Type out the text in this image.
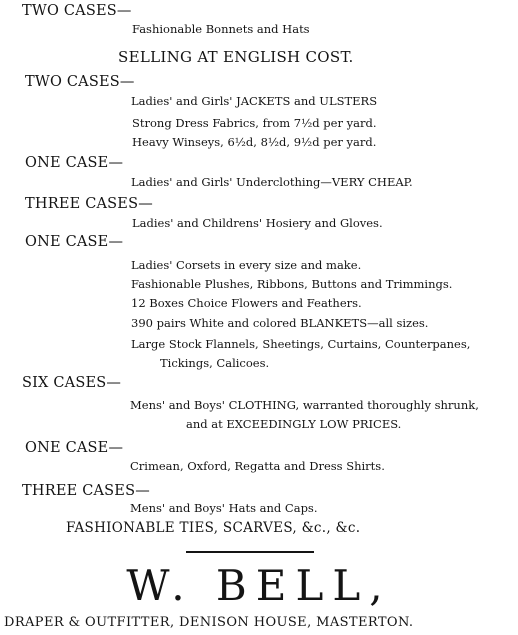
TWO CASES—
Fashionable Bonnets and Hats
SELLING AT ENGLISH COST.
TWO CASES—
Ladies' and Girls' JACKETS and ULSTERS
Strong Dress Fabrics, from 7½d per yard.
Heavy Winseys, 6½d, 8½d, 9½d per yard.
ONE CASE—
Ladies' and Girls' Underclothing—VERY CHEAP.
THREE CASES—
Ladies' and Childrens' Hosiery and Gloves.
ONE CASE—
Ladies' Corsets in every size and make.
Fashionable Plushes, Ribbons, Buttons and Trimmings.
12 Boxes Choice Flowers and Feathers.
390 pairs White and colored BLANKETS—all sizes.
Large Stock Flannels, Sheetings, Curtains, Counterpanes,
Tickings, Calicoes.
SIX CASES—
Mens' and Boys' CLOTHING, warranted thoroughly shrunk,
and at EXCEEDINGLY LOW PRICES.
ONE CASE—
Crimean, Oxford, Regatta and Dress Shirts.
THREE CASES—
Mens' and Boys' Hats and Caps.
FASHIONABLE TIES, SCARVES, &c., &c.
W. BELL,
DRAPER & OUTFITTER, DENISON HOUSE, MASTERTON.
